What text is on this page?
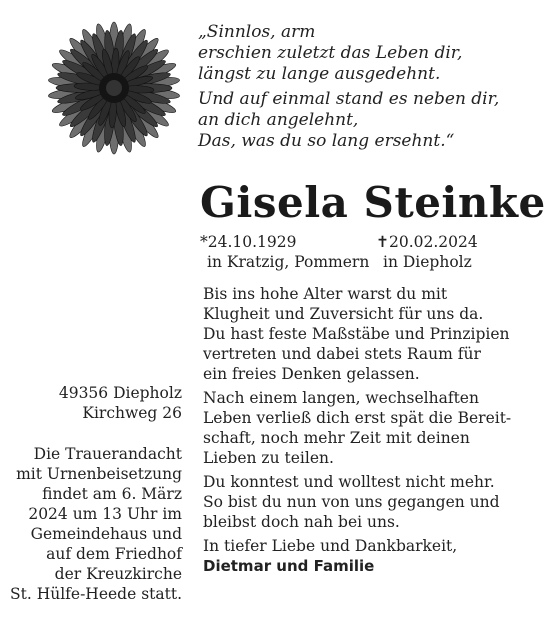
„Sinnlos, arm
erschien zuletzt das Leben dir,
längst zu lange ausgedehnt.
Und auf einmal stand es neben dir,
an dich angelehnt,
Das, was du so lang ersehnt.“
Gisela Steinke
*24.10.1929
in Kratzig, Pommern
✝20.02.2024
in Diepholz
Bis ins hohe Alter warst du mit
Klugheit und Zuversicht für uns da.
Du hast feste Maßstäbe und Prinzipien
vertreten und dabei stets Raum für
ein freies Denken gelassen.
Nach einem langen, wechselhaften
Leben verließ dich erst spät die Bereit-
schaft, noch mehr Zeit mit deinen
Lieben zu teilen.
Du konntest und wolltest nicht mehr.
So bist du nun von uns gegangen und
bleibst doch nah bei uns.
In tiefer Liebe und Dankbarkeit,
Dietmar und Familie
49356 Diepholz
Kirchweg 26
Die Trauerandacht
mit Urnenbeisetzung
findet am 6. März
2024 um 13 Uhr im
Gemeindehaus und
auf dem Friedhof
der Kreuzkirche
St. Hülfe-Heede statt.
